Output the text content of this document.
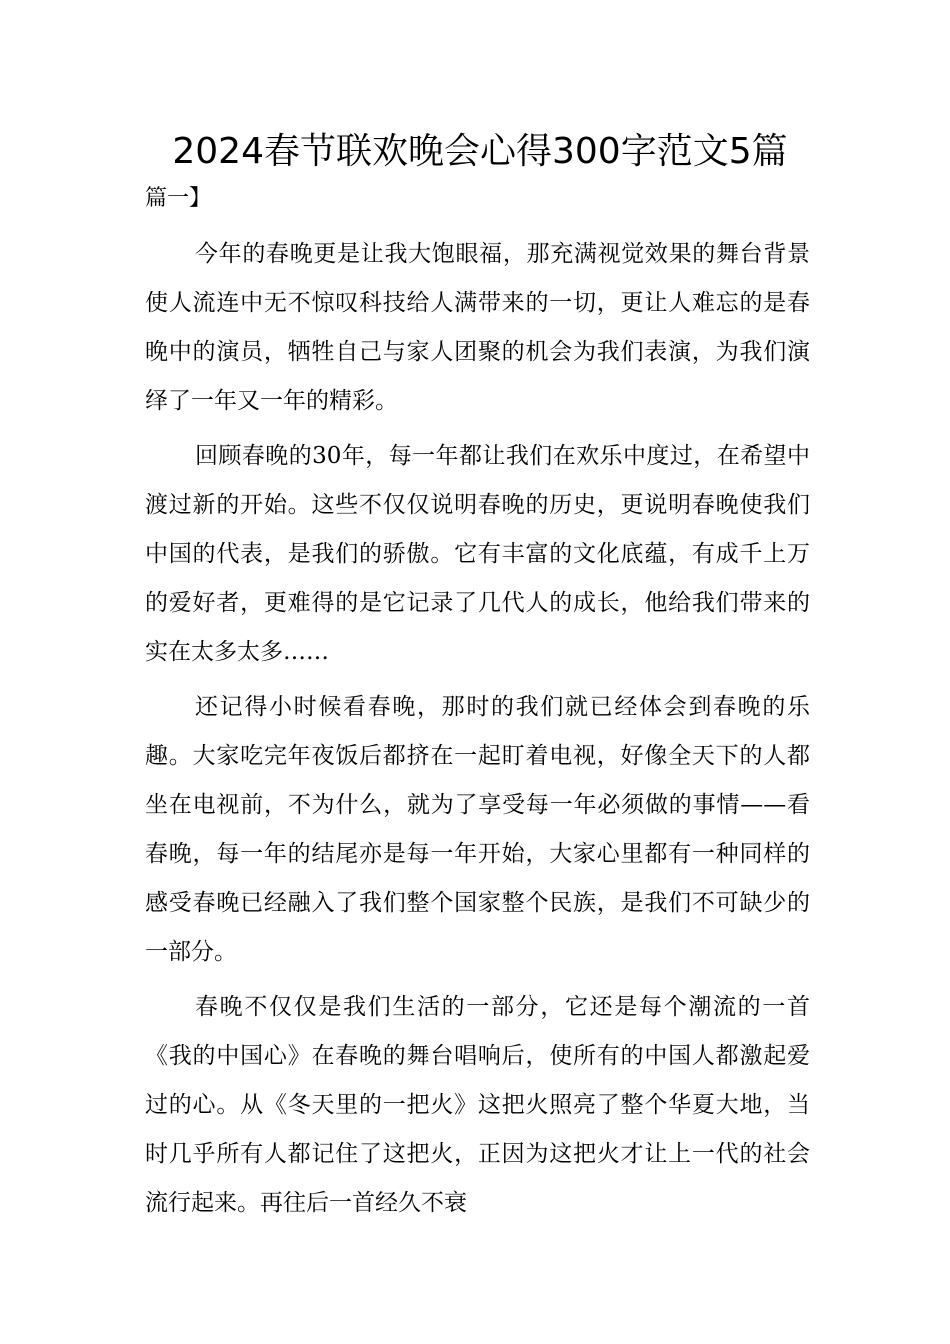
2024春节联欢晚会心得300字范文5篇
篇一】

今年的春晚更是让我大饱眼福，那充满视觉效果的舞台背景使人流连中无不惊叹科技给人满带来的一切，更让人难忘的是春晚中的演员，牺牲自己与家人团聚的机会为我们表演，为我们演绎了一年又一年的精彩。

回顾春晚的30年，每一年都让我们在欢乐中度过，在希望中渡过新的开始。这些不仅仅说明春晚的历史，更说明春晚使我们中国的代表，是我们的骄傲。它有丰富的文化底蕴，有成千上万的爱好者，更难得的是它记录了几代人的成长，他给我们带来的实在太多太多……

还记得小时候看春晚，那时的我们就已经体会到春晚的乐趣。大家吃完年夜饭后都挤在一起盯着电视，好像全天下的人都坐在电视前，不为什么，就为了享受每一年必须做的事情——看春晚，每一年的结尾亦是每一年开始，大家心里都有一种同样的感受春晚已经融入了我们整个国家整个民族，是我们不可缺少的一部分。

春晚不仅仅是我们生活的一部分，它还是每个潮流的一首《我的中国心》在春晚的舞台唱响后，使所有的中国人都激起爱过的心。从《冬天里的一把火》这把火照亮了整个华夏大地，当时几乎所有人都记住了这把火，正因为这把火才让上一代的社会流行起来。再往后一首经久不衰
